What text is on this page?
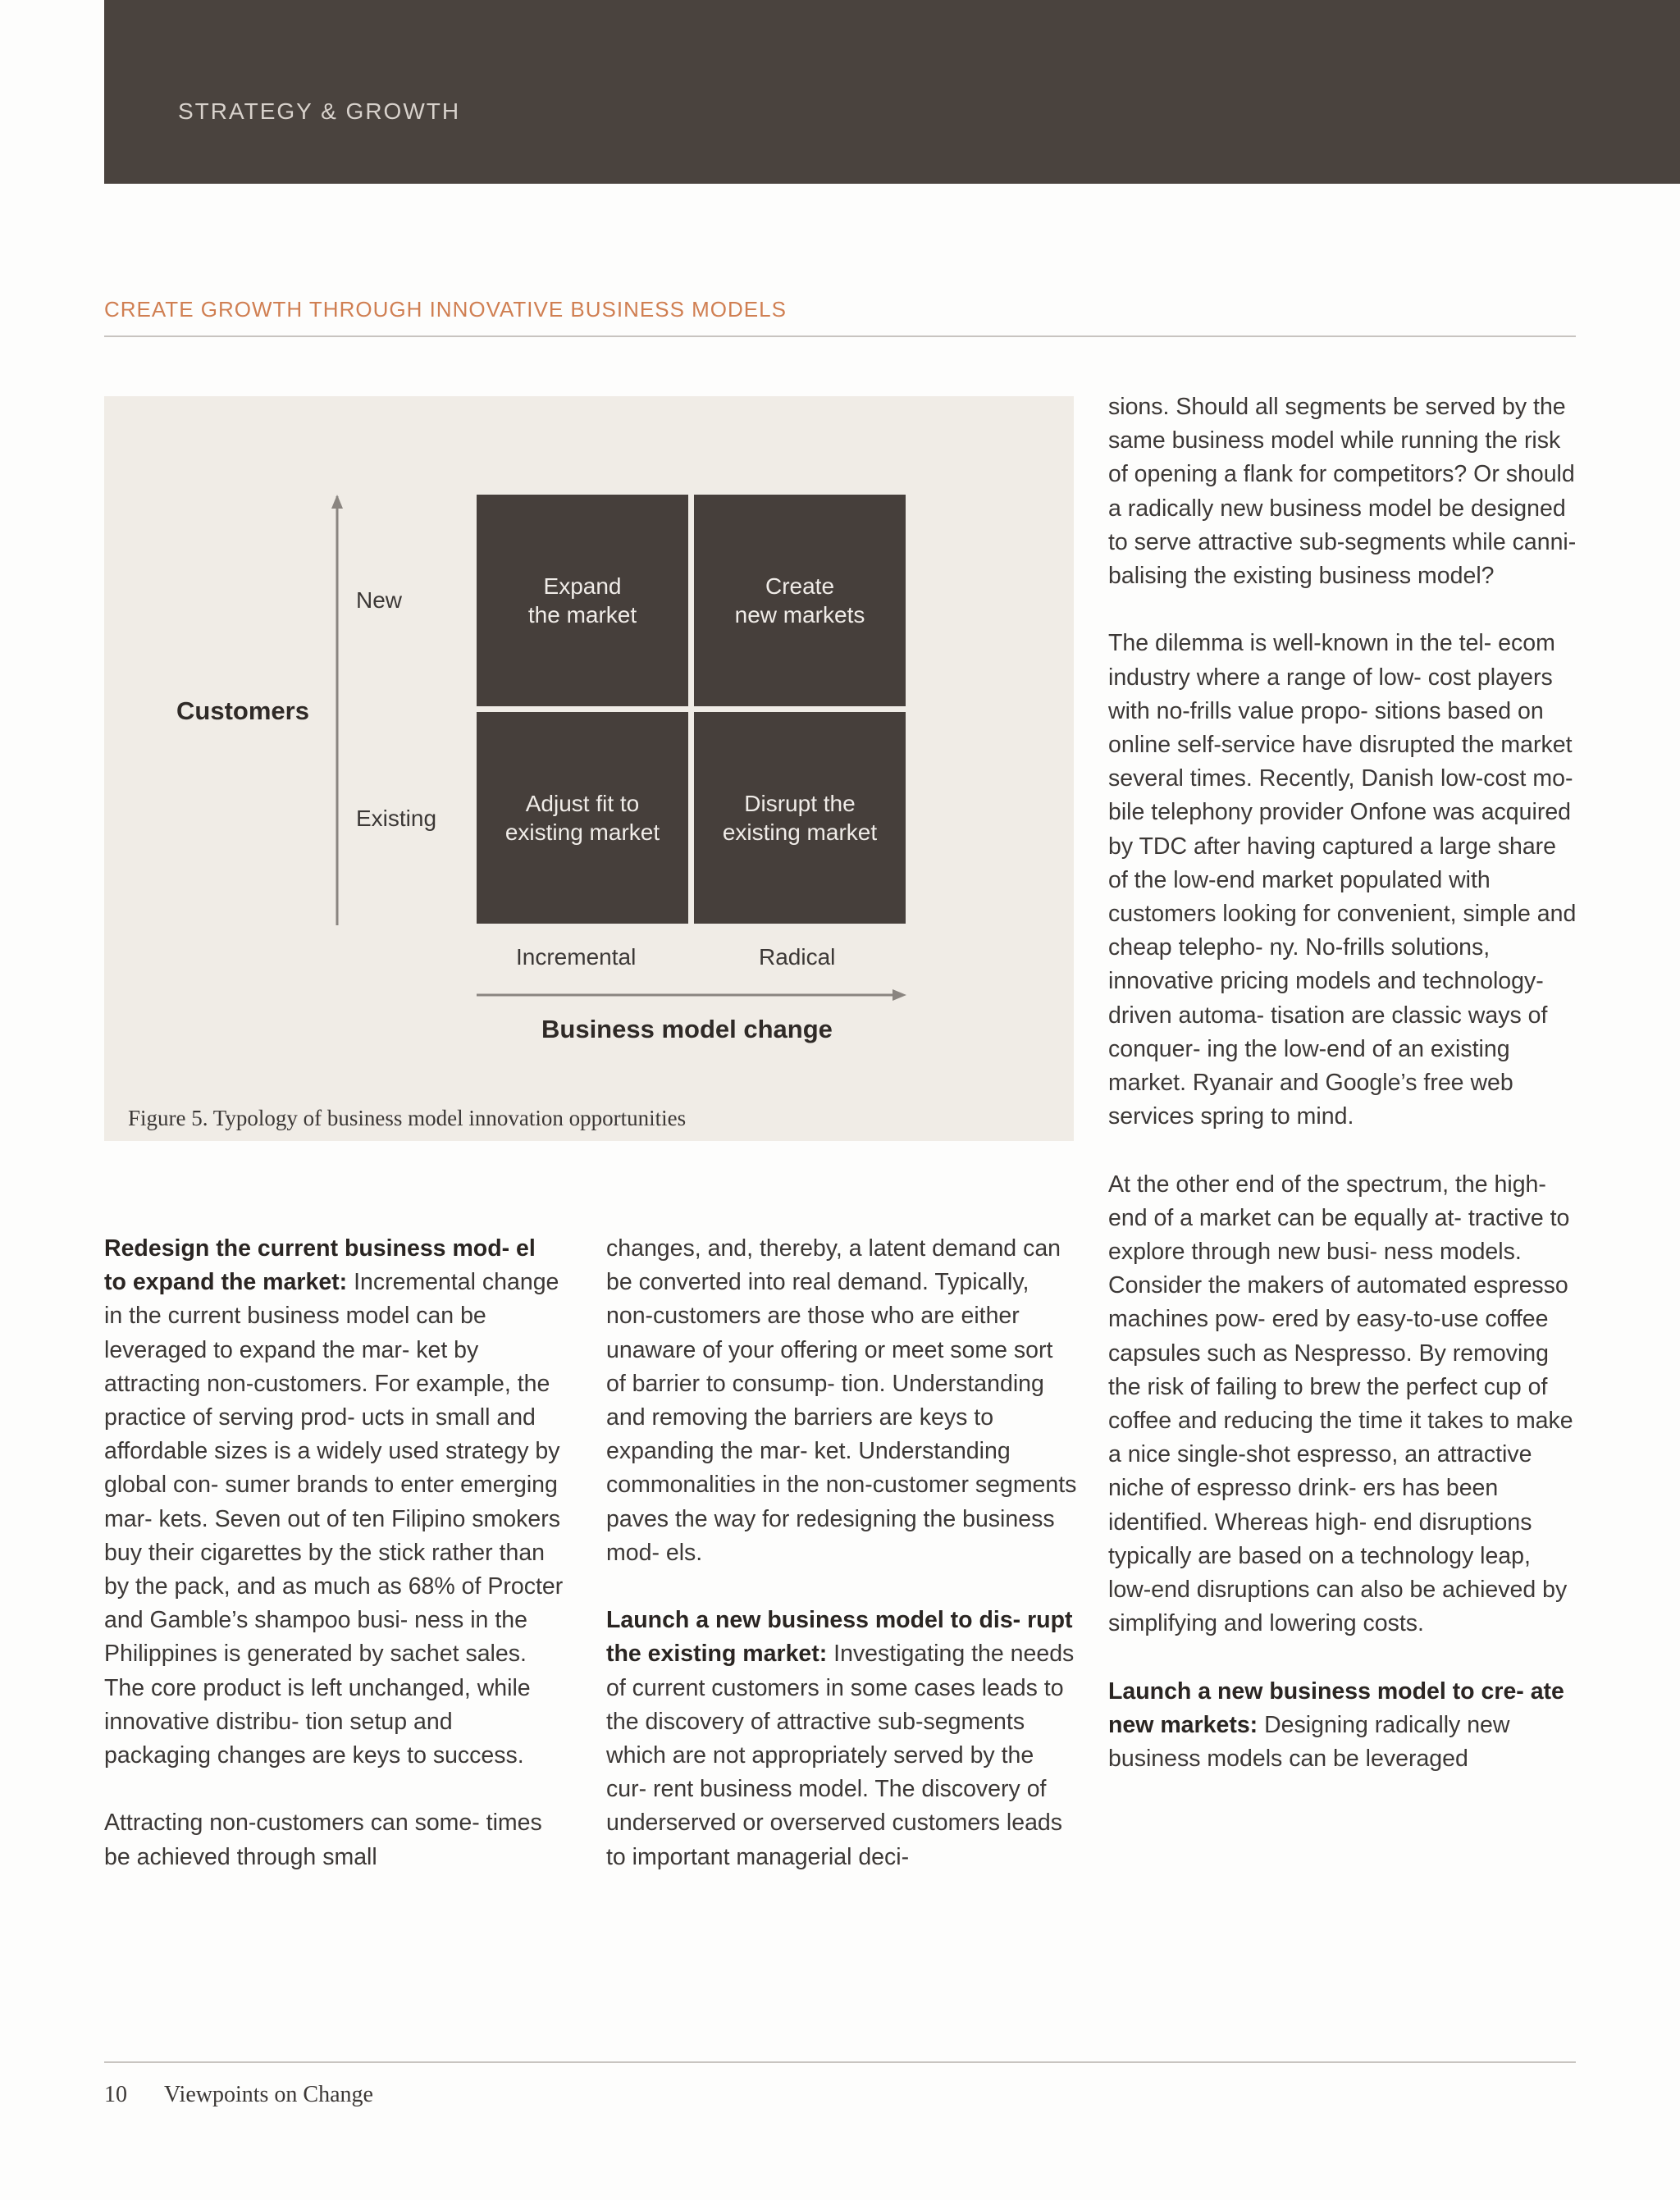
STRATEGY & GROWTH
CREATE GROWTH THROUGH INNOVATIVE BUSINESS MODELS
Customers
New
Existing
Expand
the market
Create
new markets
Adjust fit to
existing market
Disrupt the
existing market
Incremental	Radical
Business model change
Figure 5. Typology of business model innovation opportunities

Redesign the current business mod- el to expand the market: Incremental change in the current business model can be leveraged to expand the mar- ket by attracting non-customers. For example, the practice of serving prod- ucts in small and affordable sizes is a widely used strategy by global con- sumer brands to enter emerging mar- kets. Seven out of ten Filipino smokers buy their cigarettes by the stick rather than by the pack, and as much as 68% of Procter and Gamble’s shampoo busi- ness in the Philippines is generated by sachet sales. The core product is left unchanged, while innovative distribu- tion setup and packaging changes are keys to success.

Attracting non-customers can some- times be achieved through small

changes, and, thereby, a latent demand can be converted into real demand. Typically, non-customers are those who are either unaware of your offering or meet some sort of barrier to consump- tion. Understanding and removing the barriers are keys to expanding the mar- ket. Understanding commonalities in the non-customer segments paves the way for redesigning the business mod- els.

Launch a new business model to dis- rupt the existing market: Investigating the needs of current customers in some cases leads to the discovery of attractive sub-segments which are not appropriately served by the cur- rent business model. The discovery of underserved or overserved customers leads to important managerial deci-

sions. Should all segments be served by the same business model while running the risk of opening a flank for competitors? Or should a radically new business model be designed to serve attractive sub-segments while canni- balising the existing business model?

The dilemma is well-known in the tel- ecom industry where a range of low- cost players with no-frills value propo- sitions based on online self-service have disrupted the market several times. Recently, Danish low-cost mo- bile telephony provider Onfone was acquired by TDC after having captured a large share of the low-end market populated with customers looking for convenient, simple and cheap telepho- ny. No-frills solutions, innovative pricing models and technology-driven automa- tisation are classic ways of conquer- ing the low-end of an existing market. Ryanair and Google’s free web services spring to mind.

At the other end of the spectrum, the high-end of a market can be equally at- tractive to explore through new busi- ness models. Consider the makers of automated espresso machines pow- ered by easy-to-use coffee capsules such as Nespresso. By removing the risk of failing to brew the perfect cup of coffee and reducing the time it takes to make a nice single-shot espresso, an attractive niche of espresso drink- ers has been identified. Whereas high- end disruptions typically are based on a technology leap, low-end disruptions can also be achieved by simplifying and lowering costs.

Launch a new business model to cre- ate new markets: Designing radically new business models can be leveraged

10 Viewpoints on Change
